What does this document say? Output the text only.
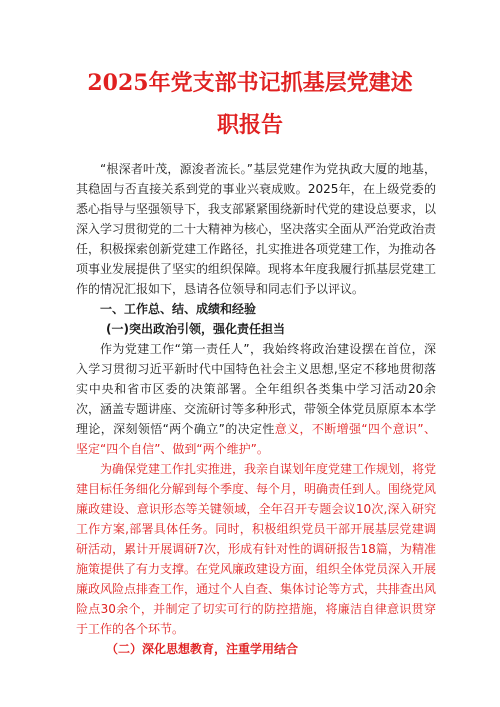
2025年党支部书记抓基层党建述
职报告

“根深者叶茂，源浚者流长。”基层党建作为党执政大厦的地基，其稳固与否直接关系到党的事业兴衰成败。2025年，在上级党委的悉心指导与坚强领导下，我支部紧紧围绕新时代党的建设总要求，以深入学习贯彻党的二十大精神为核心，坚决落实全面从严治党政治责任，积极探索创新党建工作路径，扎实推进各项党建工作，为推动各项事业发展提供了坚实的组织保障。现将本年度我履行抓基层党建工作的情况汇报如下，恳请各位领导和同志们予以评议。

一、工作总、结、成绩和经验

(一)突出政治引领，强化责任担当

作为党建工作“第一责任人”，我始终将政治建设摆在首位，深入学习贯彻习近平新时代中国特色社会主义思想,坚定不移地贯彻落实中央和省市区委的决策部署。全年组织各类集中学习活动20余次，涵盖专题讲座、交流研讨等多种形式，带领全体党员原原本本学理论，深刻领悟“两个确立”的决定性意义，不断增强“四个意识”、坚定“四个自信”、做到“两个维护”。

为确保党建工作扎实推进，我亲自谋划年度党建工作规划，将党建目标任务细化分解到每个季度、每个月，明确责任到人。围绕党风廉政建设、意识形态等关键领域，全年召开专题会议10次,深入研究工作方案,部署具体任务。同时，积极组织党员干部开展基层党建调研活动，累计开展调研7次，形成有针对性的调研报告18篇，为精准施策提供了有力支撑。在党风廉政建设方面，组织全体党员深入开展廉政风险点排查工作，通过个人自查、集体讨论等方式，共排查出风险点30余个，并制定了切实可行的防控措施，将廉洁自律意识贯穿于工作的各个环节。

（二）深化思想教育，注重学用结合
